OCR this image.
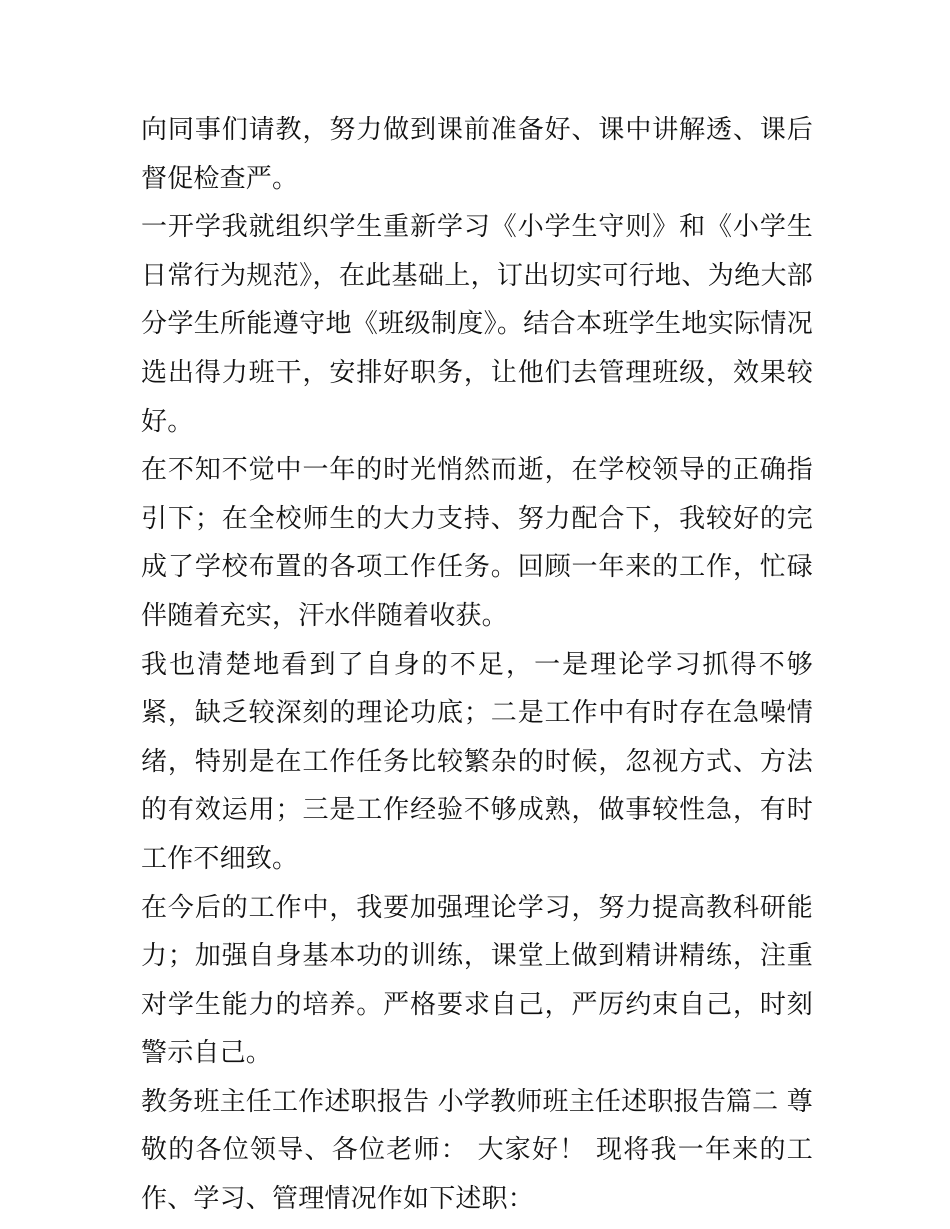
向同事们请教，努力做到课前准备好、课中讲解透、课后督促检查严。

一开学我就组织学生重新学习《小学生守则》和《小学生日常行为规范》，在此基础上，订出切实可行地、为绝大部分学生所能遵守地《班级制度》。结合本班学生地实际情况选出得力班干，安排好职务，让他们去管理班级，效果较好。

在不知不觉中一年的时光悄然而逝，在学校领导的正确指引下；在全校师生的大力支持、努力配合下，我较好的完成了学校布置的各项工作任务。回顾一年来的工作，忙碌伴随着充实，汗水伴随着收获。

我也清楚地看到了自身的不足，一是理论学习抓得不够紧，缺乏较深刻的理论功底；二是工作中有时存在急噪情绪，特别是在工作任务比较繁杂的时候，忽视方式、方法的有效运用；三是工作经验不够成熟，做事较性急，有时工作不细致。

在今后的工作中，我要加强理论学习，努力提高教科研能力；加强自身基本功的训练，课堂上做到精讲精练，注重对学生能力的培养。严格要求自己，严厉约束自己，时刻警示自己。

教务班主任工作述职报告 小学教师班主任述职报告篇二 尊敬的各位领导、各位老师： 大家好！ 现将我一年来的工作、学习、管理情况作如下述职：
